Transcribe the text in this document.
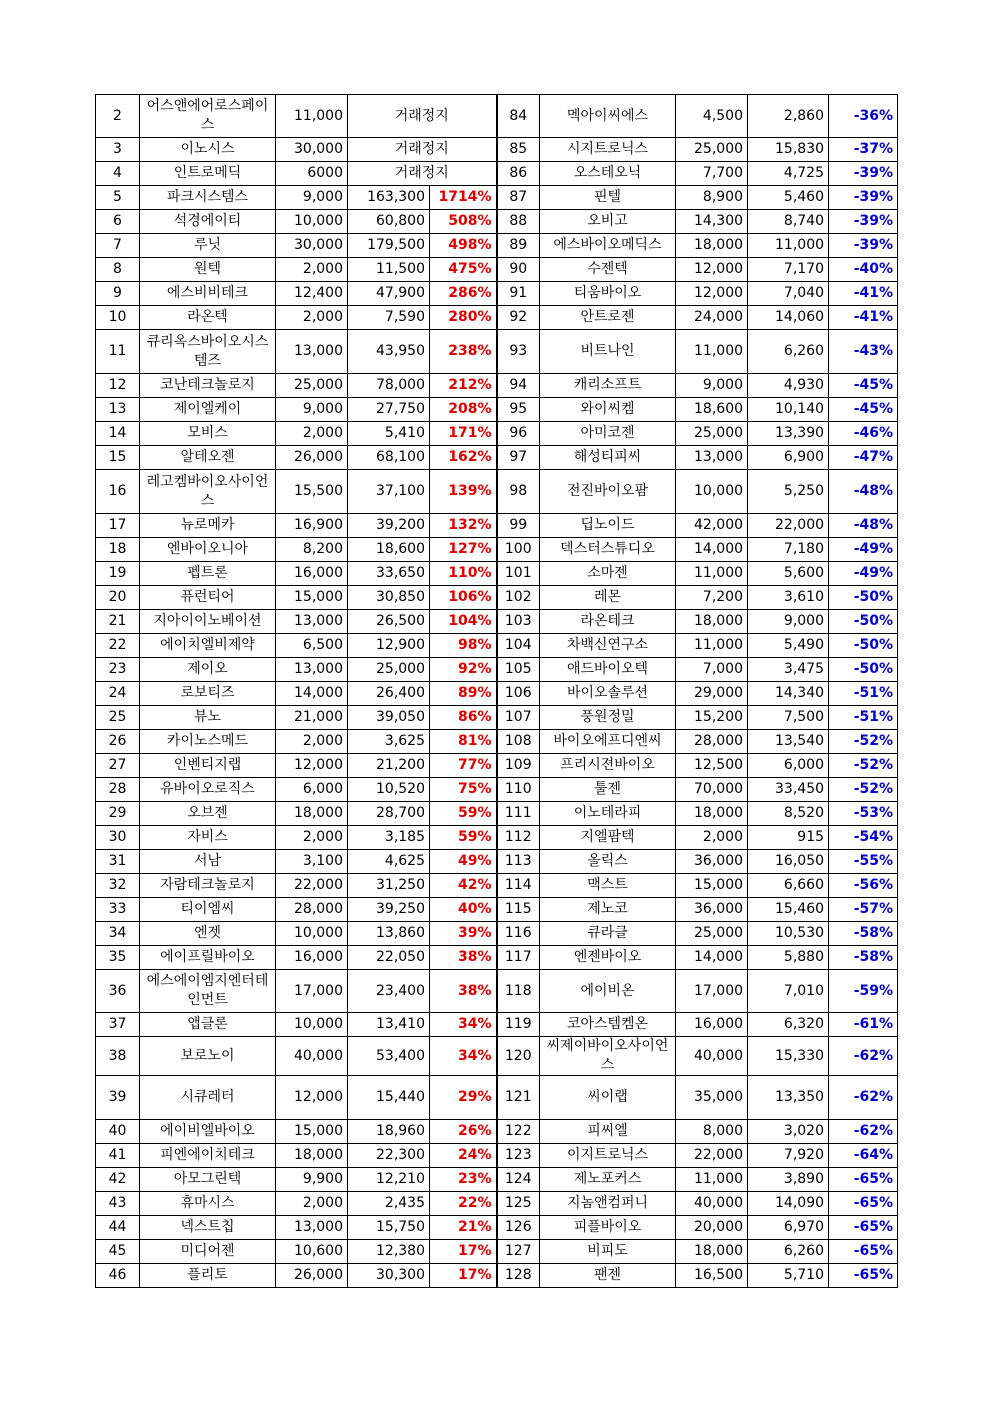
2	어스앤에어로스페이스	11,000	거래정지		84	멕아이씨에스	4,500	2,860	-36%
3	이노시스	30,000	거래정지		85	시지트로닉스	25,000	15,830	-37%
4	인트로메딕	6000	거래정지		86	오스테오닉	7,700	4,725	-39%
5	파크시스템스	9,000	163,300	1714%	87	핀텔	8,900	5,460	-39%
6	석경에이티	10,000	60,800	508%	88	오비고	14,300	8,740	-39%
7	루닛	30,000	179,500	498%	89	에스바이오메딕스	18,000	11,000	-39%
8	원텍	2,000	11,500	475%	90	수젠텍	12,000	7,170	-40%
9	에스비비테크	12,400	47,900	286%	91	티움바이오	12,000	7,040	-41%
10	라온텍	2,000	7,590	280%	92	안트로젠	24,000	14,060	-41%
11	큐리옥스바이오시스템즈	13,000	43,950	238%	93	비트나인	11,000	6,260	-43%
12	코난테크놀로지	25,000	78,000	212%	94	캐리소프트	9,000	4,930	-45%
13	제이엘케이	9,000	27,750	208%	95	와이씨켐	18,600	10,140	-45%
14	모비스	2,000	5,410	171%	96	아미코젠	25,000	13,390	-46%
15	알테오젠	26,000	68,100	162%	97	해성티피씨	13,000	6,900	-47%
16	레고켐바이오사이언스	15,500	37,100	139%	98	전진바이오팜	10,000	5,250	-48%
17	뉴로메카	16,900	39,200	132%	99	딥노이드	42,000	22,000	-48%
18	엔바이오니아	8,200	18,600	127%	100	덱스터스튜디오	14,000	7,180	-49%
19	펩트론	16,000	33,650	110%	101	소마젠	11,000	5,600	-49%
20	퓨런티어	15,000	30,850	106%	102	레몬	7,200	3,610	-50%
21	지아이이노베이션	13,000	26,500	104%	103	라온테크	18,000	9,000	-50%
22	에이치엘비제약	6,500	12,900	98%	104	차백신연구소	11,000	5,490	-50%
23	제이오	13,000	25,000	92%	105	애드바이오텍	7,000	3,475	-50%
24	로보티즈	14,000	26,400	89%	106	바이오솔루션	29,000	14,340	-51%
25	뷰노	21,000	39,050	86%	107	풍원정밀	15,200	7,500	-51%
26	카이노스메드	2,000	3,625	81%	108	바이오에프디엔씨	28,000	13,540	-52%
27	인벤티지랩	12,000	21,200	77%	109	프리시젼바이오	12,500	6,000	-52%
28	유바이오로직스	6,000	10,520	75%	110	툴젠	70,000	33,450	-52%
29	오브젠	18,000	28,700	59%	111	이노테라피	18,000	8,520	-53%
30	자비스	2,000	3,185	59%	112	지엘팜텍	2,000	915	-54%
31	서남	3,100	4,625	49%	113	올릭스	36,000	16,050	-55%
32	자람테크놀로지	22,000	31,250	42%	114	맥스트	15,000	6,660	-56%
33	티이엠씨	28,000	39,250	40%	115	제노코	36,000	15,460	-57%
34	엔젯	10,000	13,860	39%	116	큐라클	25,000	10,530	-58%
35	에이프릴바이오	16,000	22,050	38%	117	엔젠바이오	14,000	5,880	-58%
36	에스에이엠지엔터테인먼트	17,000	23,400	38%	118	에이비온	17,000	7,010	-59%
37	앱클론	10,000	13,410	34%	119	코아스템켐온	16,000	6,320	-61%
38	보로노이	40,000	53,400	34%	120	씨제이바이오사이언스	40,000	15,330	-62%
39	시큐레터	12,000	15,440	29%	121	씨이랩	35,000	13,350	-62%
40	에이비엘바이오	15,000	18,960	26%	122	피씨엘	8,000	3,020	-62%
41	피엔에이치테크	18,000	22,300	24%	123	이지트로닉스	22,000	7,920	-64%
42	아모그린텍	9,900	12,210	23%	124	제노포커스	11,000	3,890	-65%
43	휴마시스	2,000	2,435	22%	125	지놈앤컴퍼니	40,000	14,090	-65%
44	넥스트칩	13,000	15,750	21%	126	피플바이오	20,000	6,970	-65%
45	미디어젠	10,600	12,380	17%	127	비피도	18,000	6,260	-65%
46	플리토	26,000	30,300	17%	128	팬젠	16,500	5,710	-65%
